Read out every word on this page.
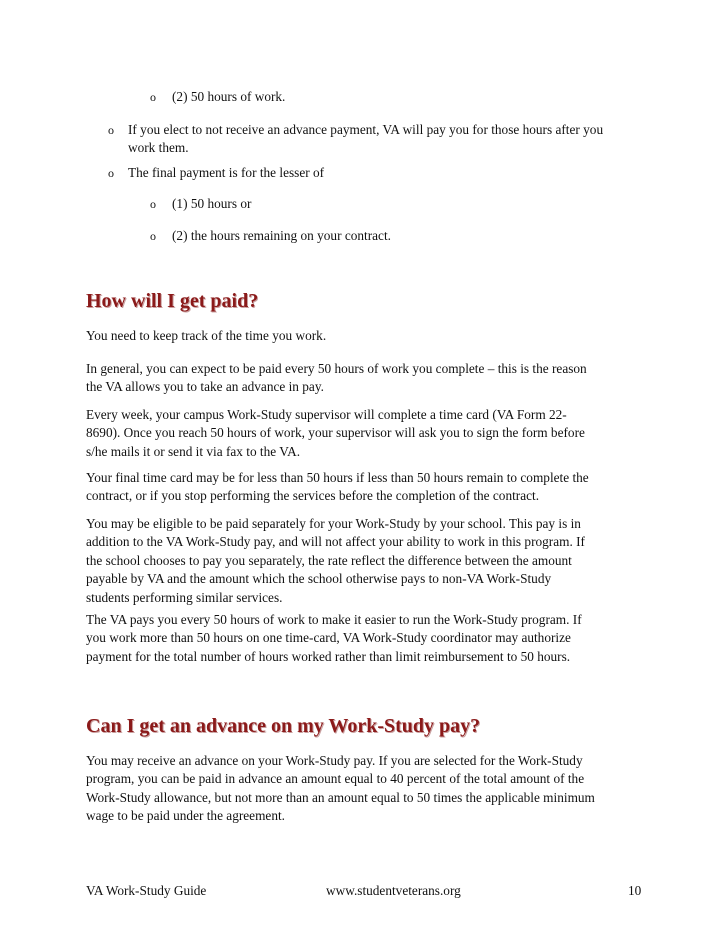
o (2) 50 hours of work.
o If you elect to not receive an advance payment, VA will pay you for those hours after you
work them.
o The final payment is for the lesser of
o (1) 50 hours or
o (2) the hours remaining on your contract.
How will I get paid?

You need to keep track of the time you work.

In general, you can expect to be paid every 50 hours of work you complete – this is the reason
the VA allows you to take an advance in pay.

Every week, your campus Work-Study supervisor will complete a time card (VA Form 22-
8690). Once you reach 50 hours of work, your supervisor will ask you to sign the form before
s/he mails it or send it via fax to the VA.

Your final time card may be for less than 50 hours if less than 50 hours remain to complete the
contract, or if you stop performing the services before the completion of the contract.

You may be eligible to be paid separately for your Work-Study by your school. This pay is in
addition to the VA Work-Study pay, and will not affect your ability to work in this program. If
the school chooses to pay you separately, the rate reflect the difference between the amount
payable by VA and the amount which the school otherwise pays to non-VA Work-Study
students performing similar services.

The VA pays you every 50 hours of work to make it easier to run the Work-Study program. If
you work more than 50 hours on one time-card, VA Work-Study coordinator may authorize
payment for the total number of hours worked rather than limit reimbursement to 50 hours.

Can I get an advance on my Work-Study pay?

You may receive an advance on your Work-Study pay. If you are selected for the Work-Study
program, you can be paid in advance an amount equal to 40 percent of the total amount of the
Work-Study allowance, but not more than an amount equal to 50 times the applicable minimum
wage to be paid under the agreement.

VA Work-Study Guide	www.studentveterans.org	10
